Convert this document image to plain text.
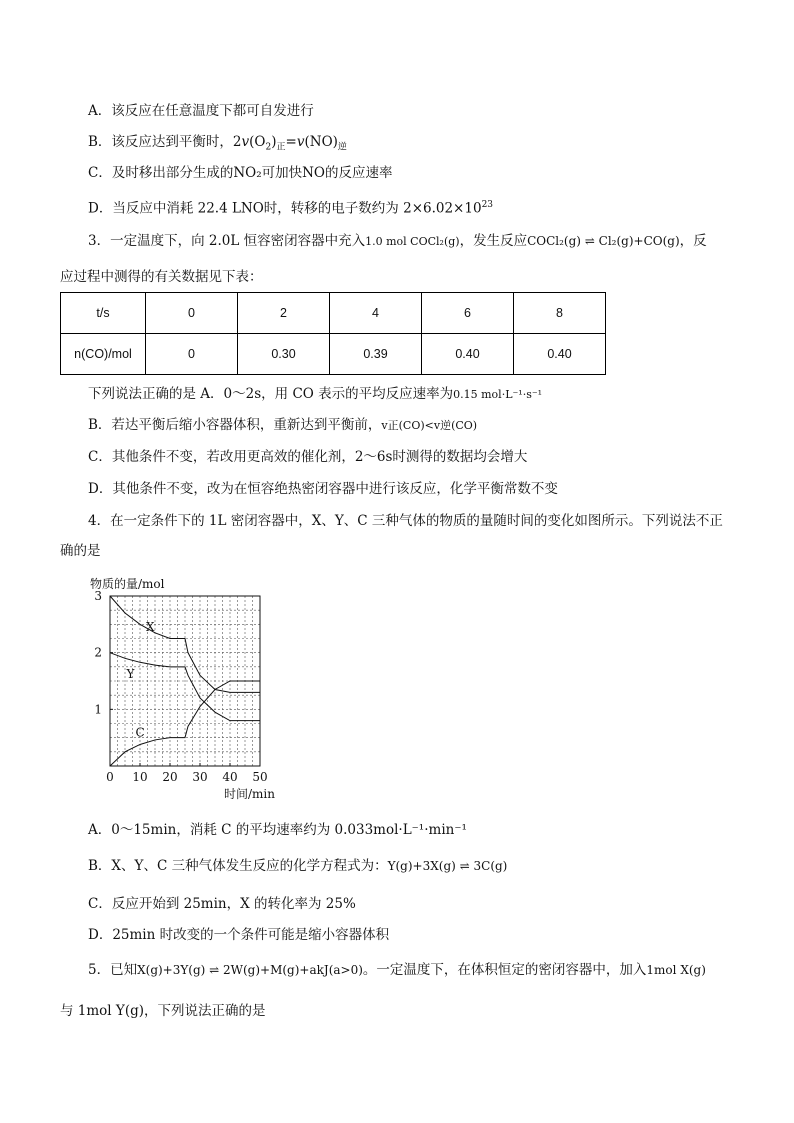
A．该反应在任意温度下都可自发进行
B．该反应达到平衡时，$2v(O_2)_正=v(NO)_逆$
C．及时移出部分生成的NO₂可加快NO的反应速率
D．当反应中消耗 22.4 LNO时，转移的电子数约为 $2\times 6.02\times 10^{23}$
3．一定温度下，向 2.0L 恒容密闭容器中充入1.0 mol COCl₂(g)，发生反应COCl₂(g) ⇌ Cl₂(g)+CO(g)，反
应过程中测得的有关数据见下表：
t/s	0	2	4	6	8
n(CO)/mol	0	0.30	0.39	0.40	0.40
下列说法正确的是 A．0～2s，用 CO 表示的平均反应速率为0.15 mol·L⁻¹·s⁻¹
B．若达平衡后缩小容器体积，重新达到平衡前，v正(CO)<v逆(CO)
C．其他条件不变，若改用更高效的催化剂，2～6s时测得的数据均会增大
D．其他条件不变，改为在恒容绝热密闭容器中进行该反应，化学平衡常数不变
4．在一定条件下的 1L 密闭容器中，X、Y、C 三种气体的物质的量随时间的变化如图所示。下列说法不正
确的是
物质的量/mol
0 10 20 30 40 50
1
2
3
X
Y
C
时间/min
A．0～15min，消耗 C 的平均速率约为 0.033mol·L⁻¹·min⁻¹
B．X、Y、C 三种气体发生反应的化学方程式为：Y(g)+3X(g) ⇌ 3C(g)
C．反应开始到 25min，X 的转化率为 25%
D．25min 时改变的一个条件可能是缩小容器体积
5．已知X(g)+3Y(g) ⇌ 2W(g)+M(g)+akJ(a>0)。一定温度下，在体积恒定的密闭容器中，加入1mol X(g)
与 1mol Y(g)，下列说法正确的是
